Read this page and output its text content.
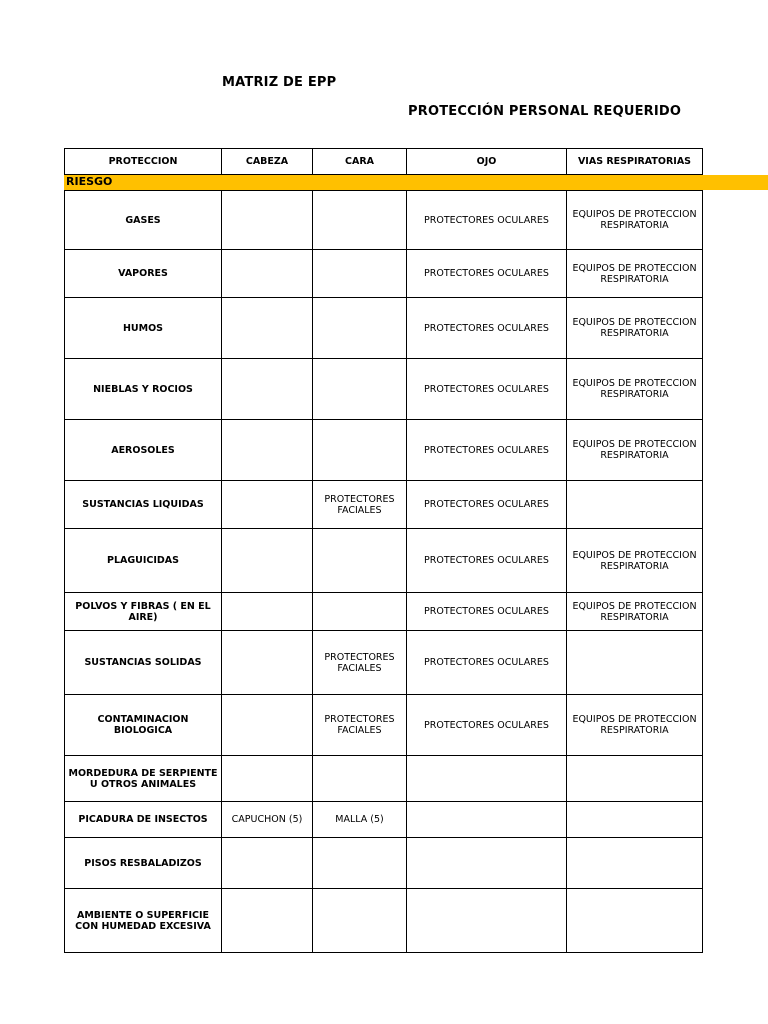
MATRIZ DE EPP
PROTECCIÓN PERSONAL REQUERIDO
PROTECCION	CABEZA	CARA	OJO	VIAS RESPIRATORIAS
RIESGO
GASES			PROTECTORES OCULARES	EQUIPOS DE PROTECCION RESPIRATORIA
VAPORES			PROTECTORES OCULARES	EQUIPOS DE PROTECCION RESPIRATORIA
HUMOS			PROTECTORES OCULARES	EQUIPOS DE PROTECCION RESPIRATORIA
NIEBLAS Y ROCIOS			PROTECTORES OCULARES	EQUIPOS DE PROTECCION RESPIRATORIA
AEROSOLES			PROTECTORES OCULARES	EQUIPOS DE PROTECCION RESPIRATORIA
SUSTANCIAS LIQUIDAS		PROTECTORES FACIALES	PROTECTORES OCULARES	
PLAGUICIDAS			PROTECTORES OCULARES	EQUIPOS DE PROTECCION RESPIRATORIA
POLVOS Y FIBRAS ( EN EL AIRE)			PROTECTORES OCULARES	EQUIPOS DE PROTECCION RESPIRATORIA
SUSTANCIAS SOLIDAS		PROTECTORES FACIALES	PROTECTORES OCULARES	
CONTAMINACION BIOLOGICA		PROTECTORES FACIALES	PROTECTORES OCULARES	EQUIPOS DE PROTECCION RESPIRATORIA
MORDEDURA DE SERPIENTE U OTROS ANIMALES				
PICADURA DE INSECTOS	CAPUCHON (5)	MALLA (5)		
PISOS RESBALADIZOS				
AMBIENTE O SUPERFICIE CON HUMEDAD EXCESIVA				
